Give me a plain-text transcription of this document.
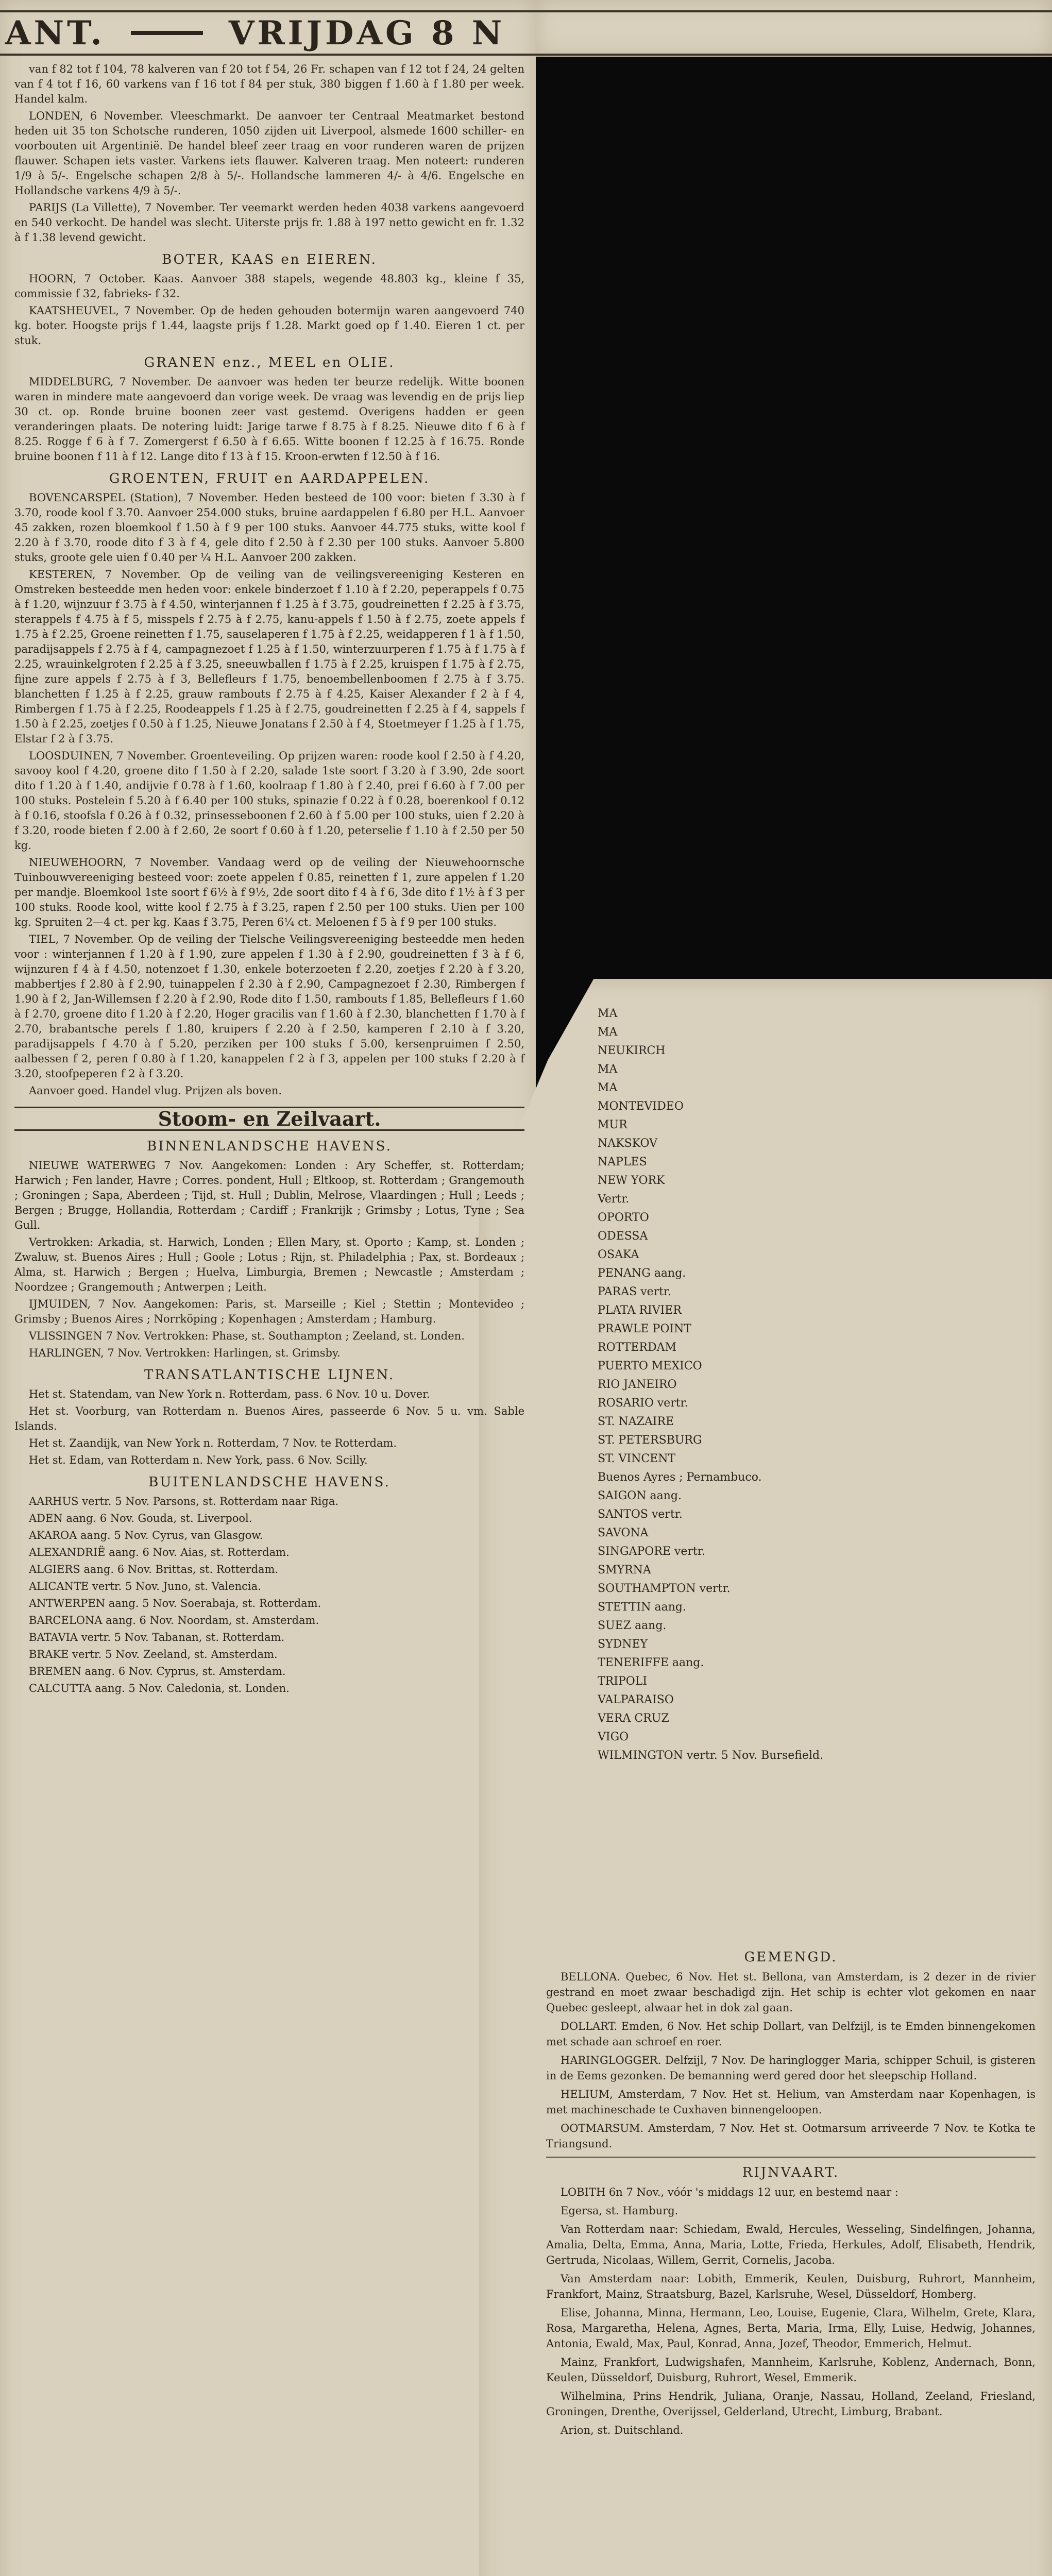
ANT.	VRIJDAG 8 N

van f 82 tot f 104, 78 kalveren van f 20 tot f 54, 26 Fr. schapen van f 12 tot f 24, 24 gelten van f 4 tot f 16, 60 varkens van f 16 tot f 84 per stuk, 380 biggen f 1.60 à f 1.80 per week. Handel kalm.

LONDEN, 6 November. Vleeschmarkt. De aanvoer ter Centraal Meatmarket bestond heden uit 35 ton Schotsche runderen, 1050 zijden uit Liverpool, alsmede 1600 schiller- en voorbouten uit Argentinië. De handel bleef zeer traag en voor runderen waren de prijzen flauwer. Schapen iets vaster. Varkens iets flauwer. Kalveren traag. Men noteert: runderen 1/9 à 5/-. Engelsche schapen 2/8 à 5/-. Hollandsche lammeren 4/- à 4/6. Engelsche en Hollandsche varkens 4/9 à 5/-.

PARIJS (La Villette), 7 November. Ter veemarkt werden heden 4038 varkens aangevoerd en 540 verkocht. De handel was slecht. Uiterste prijs fr. 1.88 à 197 netto gewicht en fr. 1.32 à f 1.38 levend gewicht.

BOTER, KAAS en EIEREN.

HOORN, 7 October. Kaas. Aanvoer 388 stapels, wegende 48.803 kg., kleine f 35, commissie f 32, fabrieks- f 32.

KAATSHEUVEL, 7 November. Op de heden gehouden botermijn waren aangevoerd 740 kg. boter. Hoogste prijs f 1.44, laagste prijs f 1.28. Markt goed op f 1.40. Eieren 1 ct. per stuk.

GRANEN enz., MEEL en OLIE.

MIDDELBURG, 7 November. De aanvoer was heden ter beurze redelijk. Witte boonen waren in mindere mate aangevoerd dan vorige week. De vraag was levendig en de prijs liep 30 ct. op. Ronde bruine boonen zeer vast gestemd. Overigens hadden er geen veranderingen plaats. De notering luidt: Jarige tarwe f 8.75 à f 8.25. Nieuwe dito f 6 à f 8.25. Rogge f 6 à f 7. Zomergerst f 6.50 à f 6.65. Witte boonen f 12.25 à f 16.75. Ronde bruine boonen f 11 à f 12. Lange dito f 13 à f 15. Kroon-erwten f 12.50 à f 16.

GROENTEN, FRUIT en AARDAPPELEN.

BOVENCARSPEL (Station), 7 November. Heden besteed de 100 voor: bieten f 3.30 à f 3.70, roode kool f 3.70. Aanvoer 254.000 stuks, bruine aardappelen f 6.80 per H.L. Aanvoer 45 zakken, rozen bloemkool f 1.50 à f 9 per 100 stuks. Aanvoer 44.775 stuks, witte kool f 2.20 à f 3.70, roode dito f 3 à f 4, gele dito f 2.50 à f 2.30 per 100 stuks. Aanvoer 5.800 stuks, groote gele uien f 0.40 per ¼ H.L. Aanvoer 200 zakken.

KESTEREN, 7 November. Op de veiling van de veilingsvereeniging Kesteren en Omstreken besteedde men heden voor: enkele binderzoet f 1.10 à f 2.20, peperappels f 0.75 à f 1.20, wijnzuur f 3.75 à f 4.50, winterjannen f 1.25 à f 3.75, goudreinetten f 2.25 à f 3.75, sterappels f 4.75 à f 5, misspels f 2.75 à f 2.75, kanu-appels f 1.50 à f 2.75, zoete appels f 1.75 à f 2.25, Groene reinetten f 1.75, sauselaperen f 1.75 à f 2.25, weidapperen f 1 à f 1.50, paradijsappels f 2.75 à f 4, campagnezoet f 1.25 à f 1.50, winterzuurperen f 1.75 à f 1.75 à f 2.25, wrauinkelgroten f 2.25 à f 3.25, sneeuwballen f 1.75 à f 2.25, kruispen f 1.75 à f 2.75, fijne zure appels f 2.75 à f 3, Bellefleurs f 1.75, benoembellenboomen f 2.75 à f 3.75. blanchetten f 1.25 à f 2.25, grauw rambouts f 2.75 à f 4.25, Kaiser Alexander f 2 à f 4, Rimbergen f 1.75 à f 2.25, Roodeappels f 1.25 à f 2.75, goudreinetten f 2.25 à f 4, sappels f 1.50 à f 2.25, zoetjes f 0.50 à f 1.25, Nieuwe Jonatans f 2.50 à f 4, Stoetmeyer f 1.25 à f 1.75, Elstar f 2 à f 3.75.

LOOSDUINEN, 7 November. Groenteveiling. Op prijzen waren: roode kool f 2.50 à f 4.20, savooy kool f 4.20, groene dito f 1.50 à f 2.20, salade 1ste soort f 3.20 à f 3.90, 2de soort dito f 1.20 à f 1.40, andijvie f 0.78 à f 1.60, koolraap f 1.80 à f 2.40, prei f 6.60 à f 7.00 per 100 stuks. Postelein f 5.20 à f 6.40 per 100 stuks, spinazie f 0.22 à f 0.28, boerenkool f 0.12 à f 0.16, stoofsla f 0.26 à f 0.32, prinsesseboonen f 2.60 à f 5.00 per 100 stuks, uien f 2.20 à f 3.20, roode bieten f 2.00 à f 2.60, 2e soort f 0.60 à f 1.20, peterselie f 1.10 à f 2.50 per 50 kg.

NIEUWEHOORN, 7 November. Vandaag werd op de veiling der Nieuwehoornsche Tuinbouwvereeniging besteed voor: zoete appelen f 0.85, reinetten f 1, zure appelen f 1.20 per mandje. Bloemkool 1ste soort f 6½ à f 9½, 2de soort dito f 4 à f 6, 3de dito f 1½ à f 3 per 100 stuks. Roode kool, witte kool f 2.75 à f 3.25, rapen f 2.50 per 100 stuks. Uien per 100 kg. Spruiten 2—4 ct. per kg. Kaas f 3.75, Peren 6¼ ct. Meloenen f 5 à f 9 per 100 stuks.

TIEL, 7 November. Op de veiling der Tielsche Veilingsvereeniging besteedde men heden voor : winterjannen f 1.20 à f 1.90, zure appelen f 1.30 à f 2.90, goudreinetten f 3 à f 6, wijnzuren f 4 à f 4.50, notenzoet f 1.30, enkele boterzoeten f 2.20, zoetjes f 2.20 à f 3.20, mabbertjes f 2.80 à f 2.90, tuinappelen f 2.30 à f 2.90, Campagnezoet f 2.30, Rimbergen f 1.90 à f 2, Jan-Willemsen f 2.20 à f 2.90, Rode dito f 1.50, rambouts f 1.85, Bellefleurs f 1.60 à f 2.70, groene dito f 1.20 à f 2.20, Hoger gracilis van f 1.60 à f 2.30, blanchetten f 1.70 à f 2.70, brabantsche perels f 1.80, kruipers f 2.20 à f 2.50, kamperen f 2.10 à f 3.20, paradijsappels f 4.70 à f 5.20, perziken per 100 stuks f 5.00, kersenpruimen f 2.50, aalbessen f 2, peren f 0.80 à f 1.20, kanappelen f 2 à f 3, appelen per 100 stuks f 2.20 à f 3.20, stoofpeperen f 2 à f 3.20.

Aanvoer goed. Handel vlug. Prijzen als boven.

Stoom- en Zeilvaart.
BINNENLANDSCHE HAVENS.

NIEUWE WATERWEG 7 Nov. Aangekomen: Londen : Ary Scheffer, st. Rotterdam; Harwich ; Fen lander, Havre ; Corres. pondent, Hull ; Eltkoop, st. Rotterdam ; Grangemouth ; Groningen ; Sapa, Aberdeen ; Tijd, st. Hull ; Dublin, Melrose, Vlaardingen ; Hull ; Leeds ; Bergen ; Brugge, Hollandia, Rotterdam ; Cardiff ; Frankrijk ; Grimsby ; Lotus, Tyne ; Sea Gull.

Vertrokken: Arkadia, st. Harwich, Londen ; Ellen Mary, st. Oporto ; Kamp, st. Londen ; Zwaluw, st. Buenos Aires ; Hull ; Goole ; Lotus ; Rijn, st. Philadelphia ; Pax, st. Bordeaux ; Alma, st. Harwich ; Bergen ; Huelva, Limburgia, Bremen ; Newcastle ; Amsterdam ; Noordzee ; Grangemouth ; Antwerpen ; Leith.

IJMUIDEN, 7 Nov. Aangekomen: Paris, st. Marseille ; Kiel ; Stettin ; Montevideo ; Grimsby ; Buenos Aires ; Norrköping ; Kopenhagen ; Amsterdam ; Hamburg.

VLISSINGEN 7 Nov. Vertrokken: Phase, st. Southampton ; Zeeland, st. Londen.

HARLINGEN, 7 Nov. Vertrokken: Harlingen, st. Grimsby.

TRANSATLANTISCHE LIJNEN.

Het st. Statendam, van New York n. Rotterdam, pass. 6 Nov. 10 u. Dover.

Het st. Voorburg, van Rotterdam n. Buenos Aires, passeerde 6 Nov. 5 u. vm. Sable Islands.

Het st. Zaandijk, van New York n. Rotterdam, 7 Nov. te Rotterdam.

Het st. Edam, van Rotterdam n. New York, pass. 6 Nov. Scilly.

BUITENLANDSCHE HAVENS.

AARHUS vertr. 5 Nov. Parsons, st. Rotterdam naar Riga.

ADEN aang. 6 Nov. Gouda, st. Liverpool.

AKAROA aang. 5 Nov. Cyrus, van Glasgow.

ALEXANDRIË aang. 6 Nov. Aias, st. Rotterdam.

ALGIERS aang. 6 Nov. Brittas, st. Rotterdam.

ALICANTE vertr. 5 Nov. Juno, st. Valencia.

ANTWERPEN aang. 5 Nov. Soerabaja, st. Rotterdam.

BARCELONA aang. 6 Nov. Noordam, st. Amsterdam.

BATAVIA vertr. 5 Nov. Tabanan, st. Rotterdam.

BRAKE vertr. 5 Nov. Zeeland, st. Amsterdam.

BREMEN aang. 6 Nov. Cyprus, st. Amsterdam.

CALCUTTA aang. 5 Nov. Caledonia, st. Londen.

MA

MA

NEUKIRCH

MA

MA

MONTEVIDEO

MUR

NAKSKOV

NAPLES

NEW YORK

Vertr.

OPORTO

ODESSA

OSAKA

PENANG aang.

PARAS vertr.

PLATA RIVIER

PRAWLE POINT

ROTTERDAM

PUERTO MEXICO

RIO JANEIRO

ROSARIO vertr.

ST. NAZAIRE

ST. PETERSBURG

ST. VINCENT

Buenos Ayres ; Pernambuco.

SAIGON aang.

SANTOS vertr.

SAVONA

SINGAPORE vertr.

SMYRNA

SOUTHAMPTON vertr.

STETTIN aang.

SUEZ aang.

SYDNEY

TENERIFFE aang.

TRIPOLI

VALPARAISO

VERA CRUZ

VIGO

WILMINGTON vertr. 5 Nov. Bursefield.

GEMENGD.

BELLONA. Quebec, 6 Nov. Het st. Bellona, van Amsterdam, is 2 dezer in de rivier gestrand en moet zwaar beschadigd zijn. Het schip is echter vlot gekomen en naar Quebec gesleept, alwaar het in dok zal gaan.

DOLLART. Emden, 6 Nov. Het schip Dollart, van Delfzijl, is te Emden binnengekomen met schade aan schroef en roer.

HARINGLOGGER. Delfzijl, 7 Nov. De haringlogger Maria, schipper Schuil, is gisteren in de Eems gezonken. De bemanning werd gered door het sleepschip Holland.

HELIUM, Amsterdam, 7 Nov. Het st. Helium, van Amsterdam naar Kopenhagen, is met machineschade te Cuxhaven binnengeloopen.

OOTMARSUM. Amsterdam, 7 Nov. Het st. Ootmarsum arriveerde 7 Nov. te Kotka te Triangsund.

RIJNVAART.

LOBITH 6n 7 Nov., vóór 's middags 12 uur, en bestemd naar :

Egersa, st. Hamburg.

Van Rotterdam naar: Schiedam, Ewald, Hercules, Wesseling, Sindelfingen, Johanna, Amalia, Delta, Emma, Anna, Maria, Lotte, Frieda, Herkules, Adolf, Elisabeth, Hendrik, Gertruda, Nicolaas, Willem, Gerrit, Cornelis, Jacoba.

Van Amsterdam naar: Lobith, Emmerik, Keulen, Duisburg, Ruhrort, Mannheim, Frankfort, Mainz, Straatsburg, Bazel, Karlsruhe, Wesel, Düsseldorf, Homberg.

Elise, Johanna, Minna, Hermann, Leo, Louise, Eugenie, Clara, Wilhelm, Grete, Klara, Rosa, Margaretha, Helena, Agnes, Berta, Maria, Irma, Elly, Luise, Hedwig, Johannes, Antonia, Ewald, Max, Paul, Konrad, Anna, Jozef, Theodor, Emmerich, Helmut.

Mainz, Frankfort, Ludwigshafen, Mannheim, Karlsruhe, Koblenz, Andernach, Bonn, Keulen, Düsseldorf, Duisburg, Ruhrort, Wesel, Emmerik.

Wilhelmina, Prins Hendrik, Juliana, Oranje, Nassau, Holland, Zeeland, Friesland, Groningen, Drenthe, Overijssel, Gelderland, Utrecht, Limburg, Brabant.

Arion, st. Duitschland.
